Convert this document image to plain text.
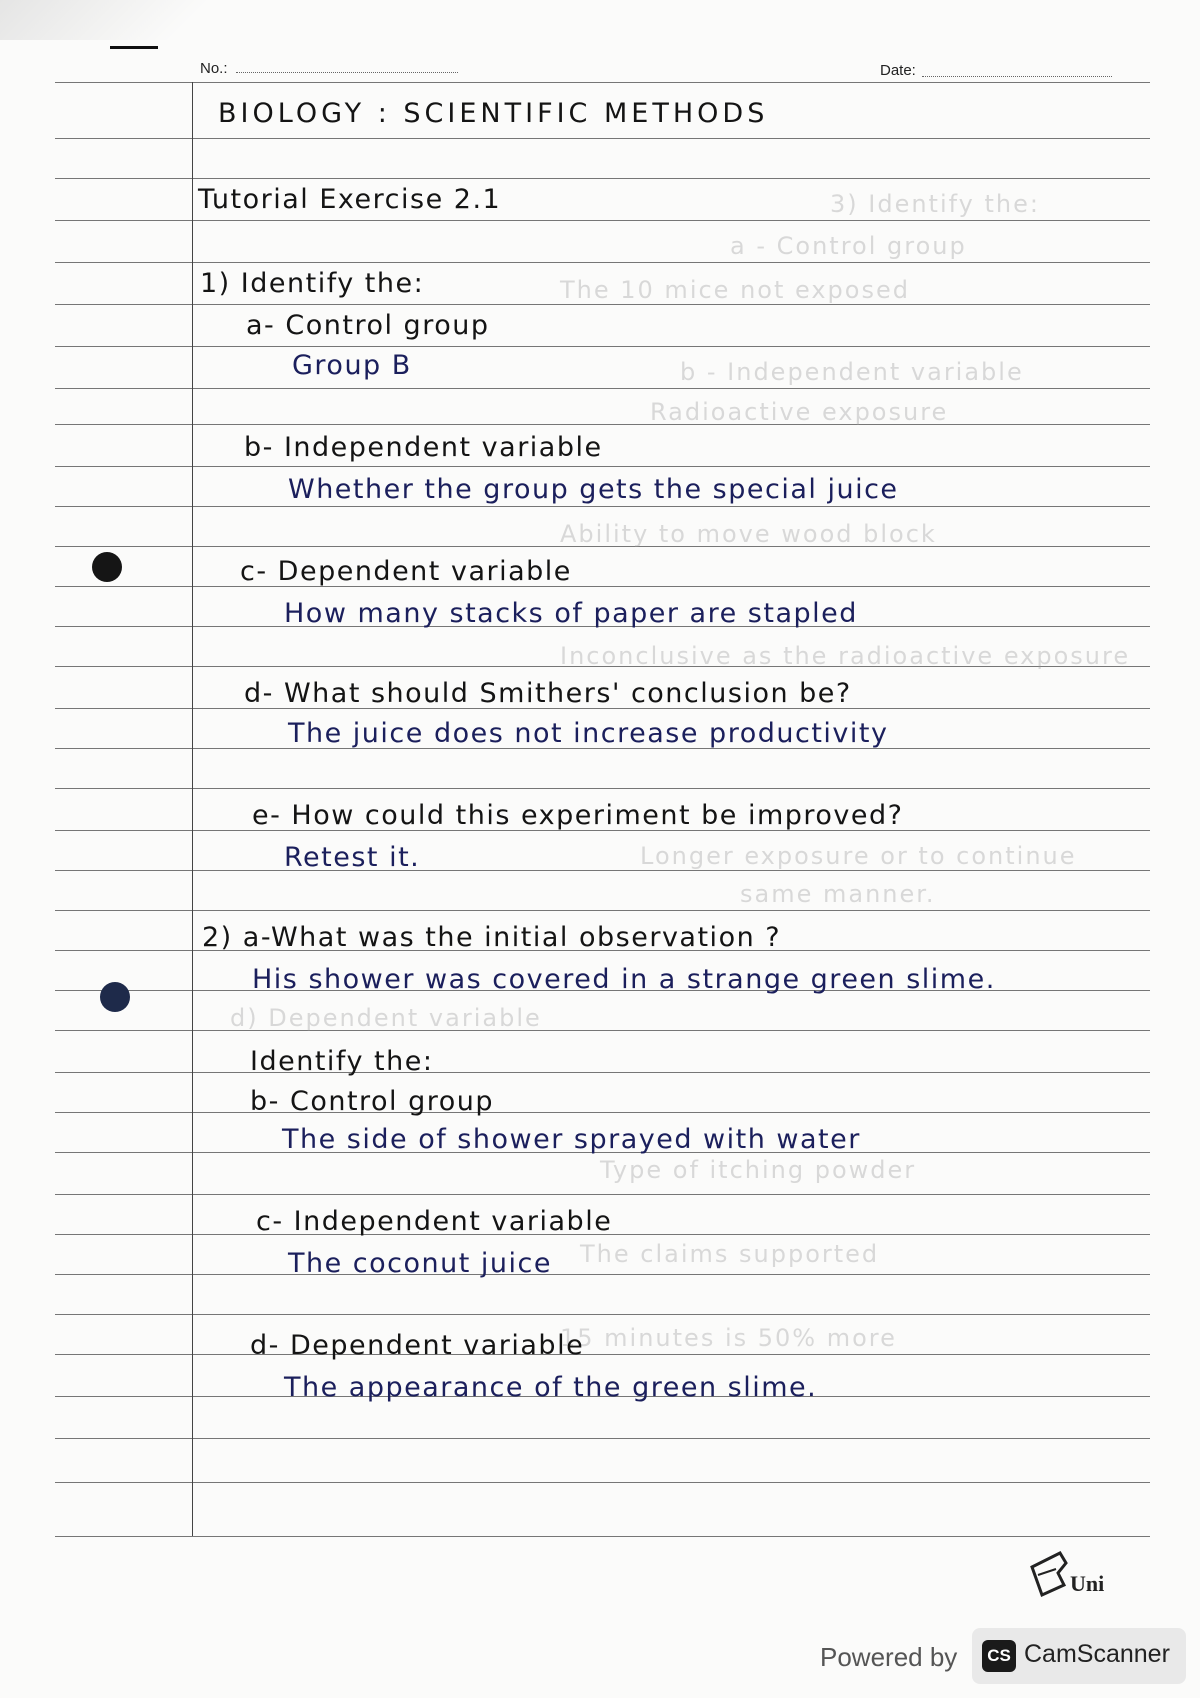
No.:	Date:
3) Identify the:
a - Control group
The 10 mice not exposed
b - Independent variable
Radioactive exposure
Ability to move wood block
Inconclusive as the radioactive exposure
Longer exposure or to continue
same manner.
d) Dependent variable
Type of itching powder
The claims supported
15 minutes is 50% more
BIOLOGY : SCIENTIFIC METHODS
Tutorial Exercise 2.1
1) Identify the:
a- Control group
Group B
b- Independent variable
Whether the group gets the special juice
c- Dependent variable
How many stacks of paper are stapled
d- What should Smithers' conclusion be?
The juice does not increase productivity
e- How could this experiment be improved?
Retest it.
2) a-What was the initial observation ?
His shower was covered in a strange green slime.
Identify the:
b- Control group
The side of shower sprayed with water
c- Independent variable
The coconut juice
d- Dependent variable
The appearance of the green slime.
Uni
Powered by	CS CamScanner
